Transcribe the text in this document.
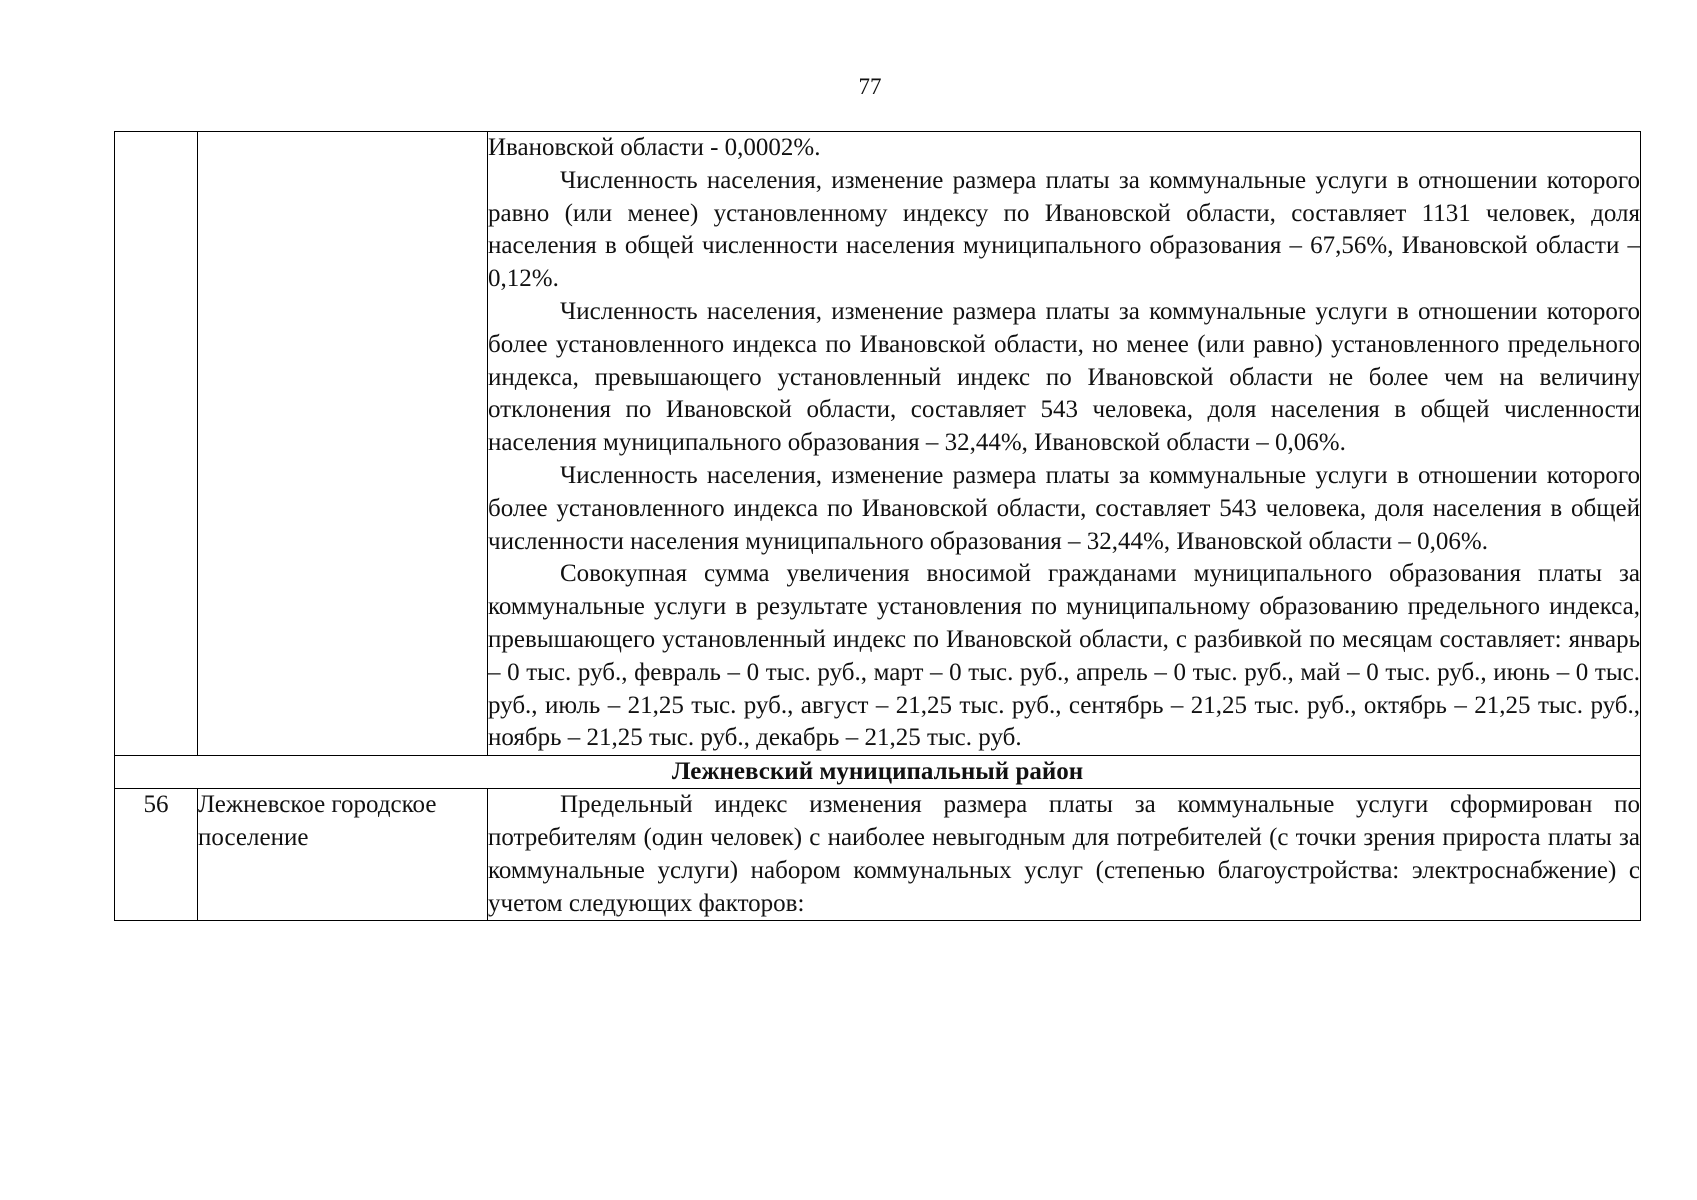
77

		Ивановской области - 0,0002%.

Численность населения, изменение размера платы за коммунальные услуги в отношении которого равно (или менее) установленному индексу по Ивановской области, составляет 1131 человек, доля населения в общей численности населения муниципального образования – 67,56%, Ивановской области – 0,12%.

Численность населения, изменение размера платы за коммунальные услуги в отношении которого более установленного индекса по Ивановской области, но менее (или равно) установленного предельного индекса, превышающего установленный индекс по Ивановской области не более чем на величину отклонения по Ивановской области, составляет 543 человека, доля населения в общей численности населения муниципального образования – 32,44%, Ивановской области – 0,06%.

Численность населения, изменение размера платы за коммунальные услуги в отношении которого более установленного индекса по Ивановской области, составляет 543 человека, доля населения в общей численности населения муниципального образования – 32,44%, Ивановской области – 0,06%.

Совокупная сумма увеличения вносимой гражданами муниципального образования платы за коммунальные услуги в результате установления по муниципальному образованию предельного индекса, превышающего установленный индекс по Ивановской области, с разбивкой по месяцам составляет: январь – 0 тыс. руб., февраль – 0 тыс. руб., март – 0 тыс. руб., апрель – 0 тыс. руб., май – 0 тыс. руб., июнь – 0 тыс. руб., июль – 21,25 тыс. руб., август – 21,25 тыс. руб., сентябрь – 21,25 тыс. руб., октябрь – 21,25 тыс. руб., ноябрь – 21,25 тыс. руб., декабрь – 21,25 тыс. руб.

Лежневский муниципальный район		
56	Лежневское городское поселение	Предельный индекс изменения размера платы за коммунальные услуги сформирован по потребителям (один человек) с наиболее невыгодным для потребителей (с точки зрения прироста платы за коммунальные услуги) набором коммунальных услуг (степенью благоустройства: электроснабжение) с учетом следующих факторов:
